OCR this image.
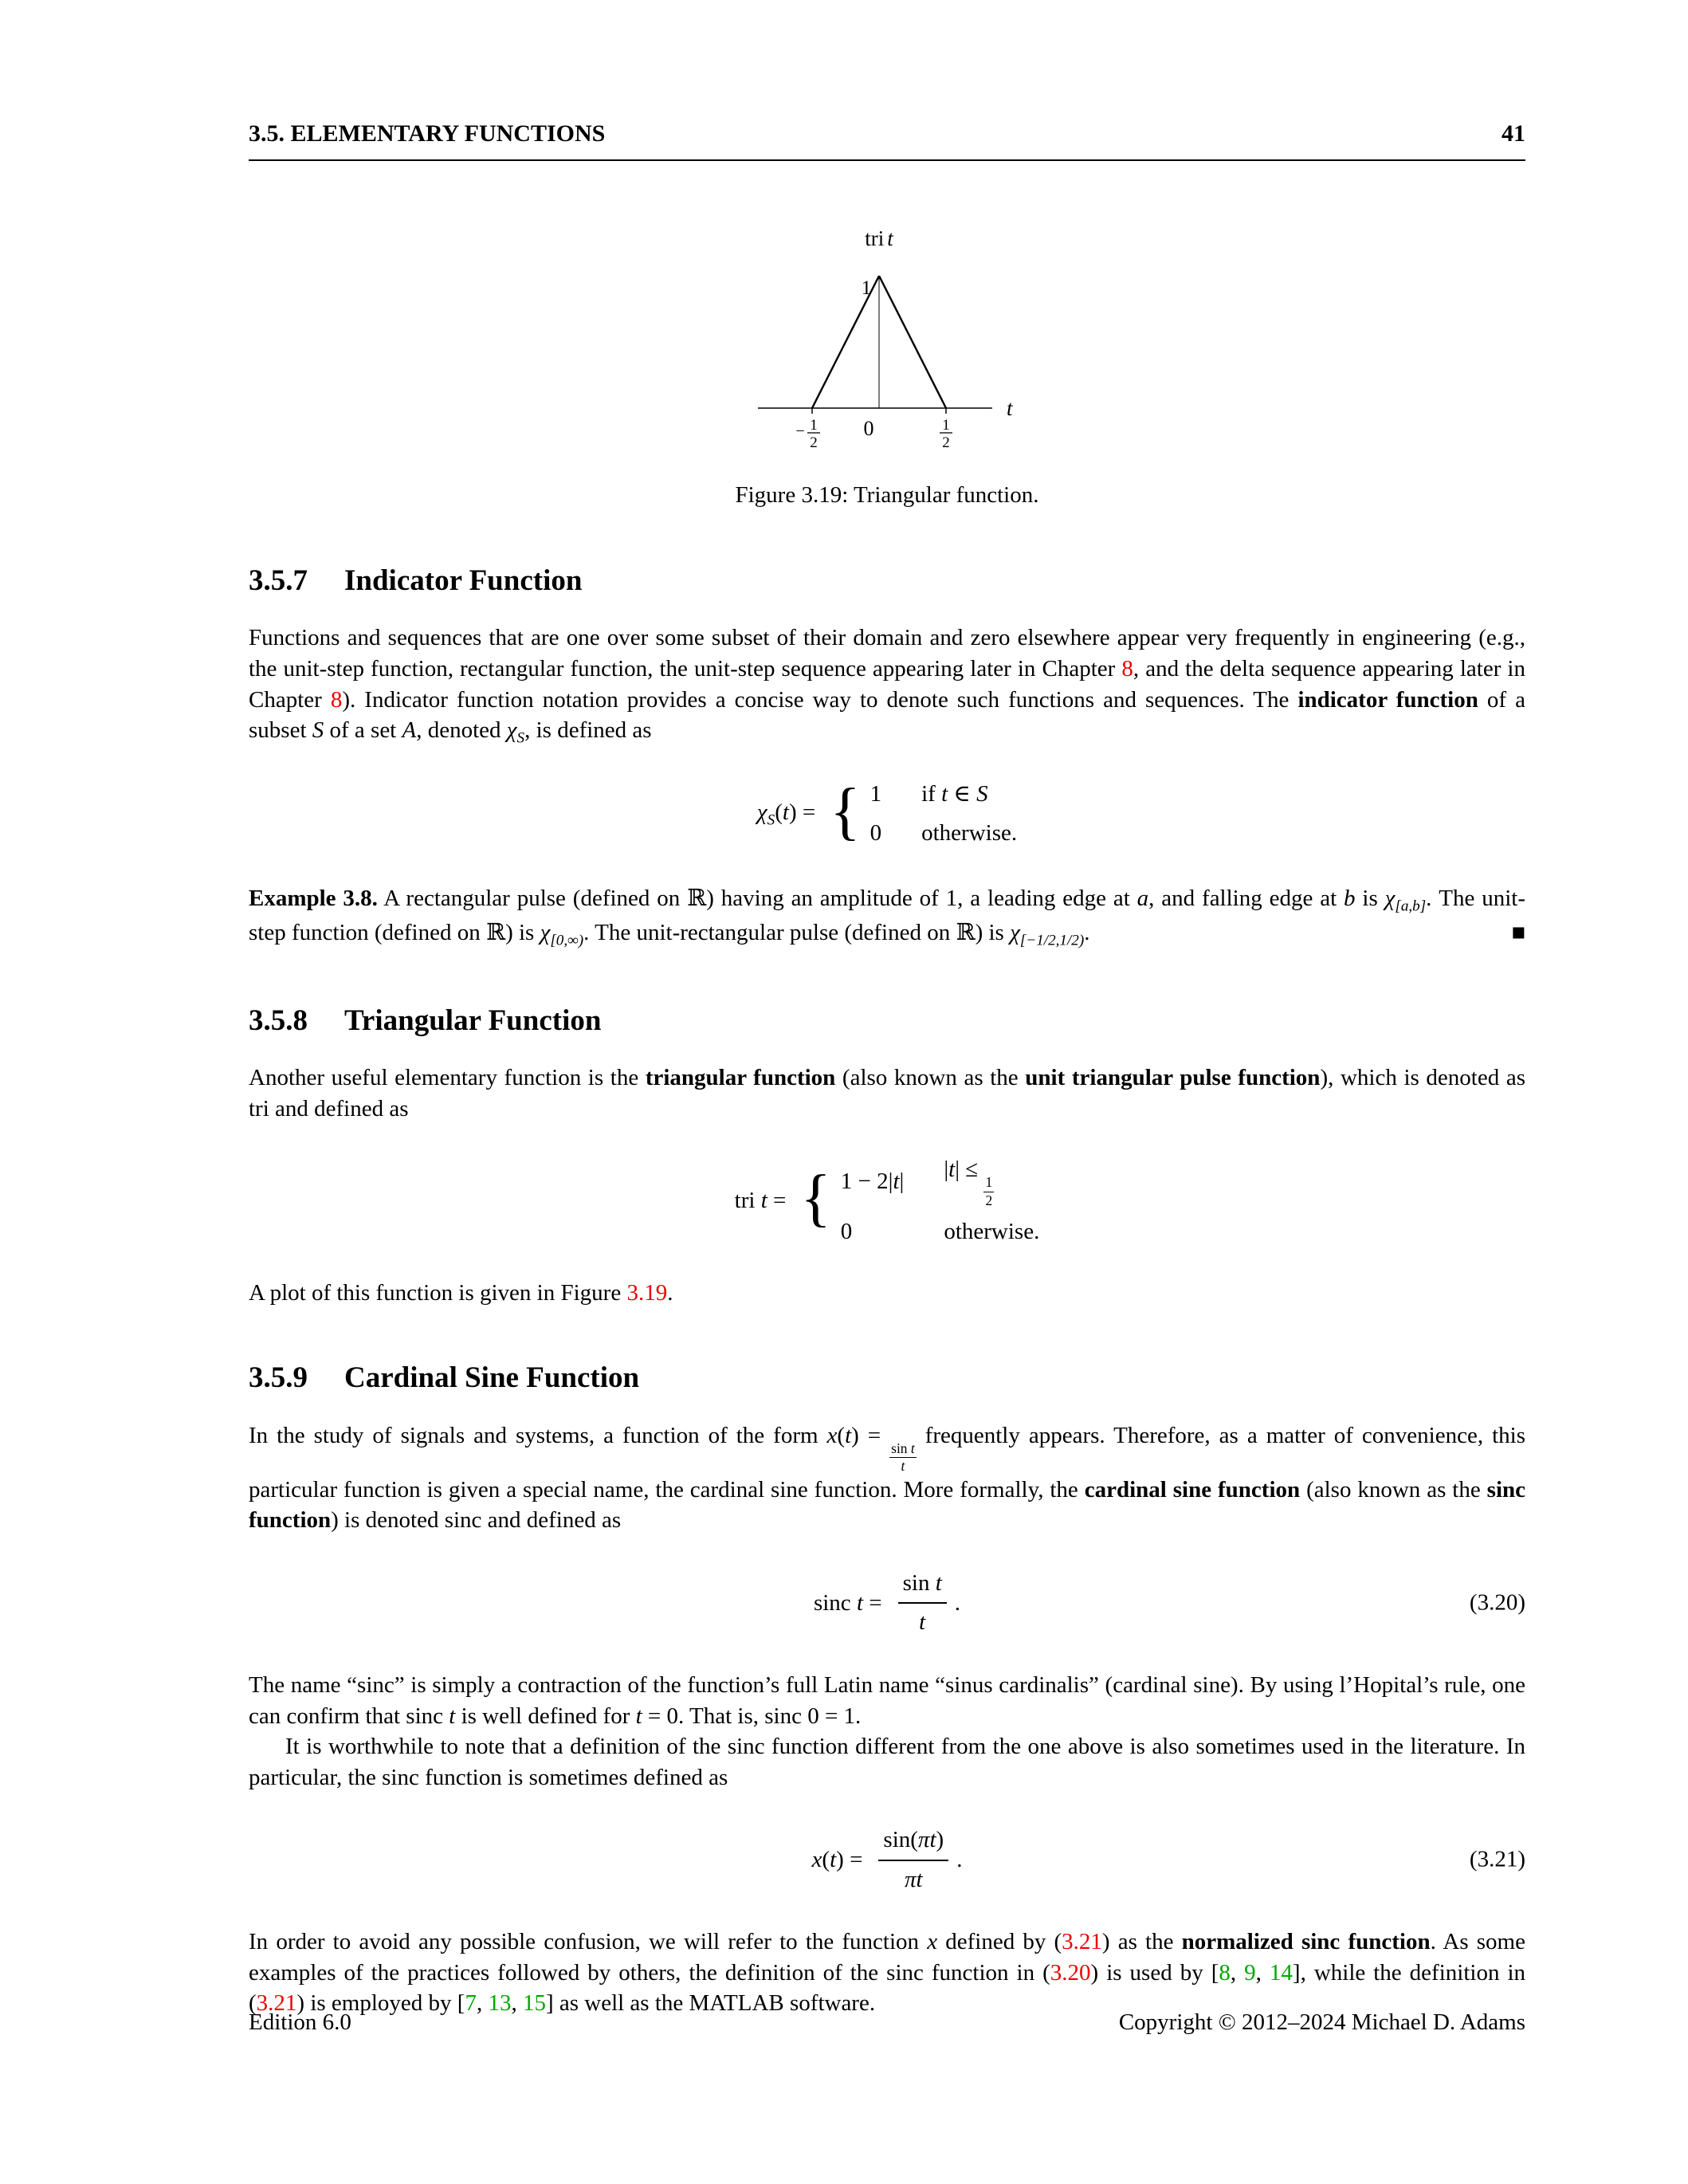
3.5. ELEMENTARY FUNCTIONS	41
tri t
1
t
0
− 1
2
1
2
Figure 3.19: Triangular function.
3.5.7 Indicator Function

Functions and sequences that are one over some subset of their domain and zero elsewhere appear very frequently in engineering (e.g., the unit-step function, rectangular function, the unit-step sequence appearing later in Chapter 8, and the delta sequence appearing later in Chapter 8). Indicator function notation provides a concise way to denote such functions and sequences. The indicator function of a subset S of a set A, denoted $\chi_S$, is defined as

$\chi_S(t)$ = { 1 if t ∈ S
0 otherwise.

Example 3.8. A rectangular pulse (defined on ℝ) having an amplitude of 1, a leading edge at a, and falling edge at b is $\chi_{[a,b]}$. The unit-step function (defined on ℝ) is $\chi_{[0,\infty)}$. The unit-rectangular pulse (defined on ℝ) is $\chi_{[-1/2,1/2)}$.	■

3.5.8 Triangular Function

Another useful elementary function is the triangular function (also known as the unit triangular pulse function), which is denoted as tri and defined as

tri t = { 1 − 2|t| |t| ≤
$\frac{1}{2}$
0	otherwise.

A plot of this function is given in Figure 3.19.

3.5.9 Cardinal Sine Function

In the study of signals and systems, a function of the form x(t) =
$\frac{\text{sin t}}{t}$
frequently appears. Therefore, as a matter of convenience, this particular function is given a special name, the cardinal sine function. More formally, the cardinal sine function (also known as the sinc function) is denoted sinc and defined as

sinc $t = \frac{\text{sin t}}{t}$ .	(3.20)

The name “sinc” is simply a contraction of the function’s full Latin name “sinus cardinalis” (cardinal sine). By using l’Hopital’s rule, one can confirm that sinc t is well defined for t = 0. That is, sinc 0 = 1.

It is worthwhile to note that a definition of the sinc function different from the one above is also sometimes used in the literature. In particular, the sinc function is sometimes defined as

$x(t) = \frac{\sin(\pi t)}{\pi t}$ .	(3.21)

In order to avoid any possible confusion, we will refer to the function x defined by (3.21) as the normalized sinc function. As some examples of the practices followed by others, the definition of the sinc function in (3.20) is used by [8, 9, 14], while the definition in (3.21) is employed by [7, 13, 15] as well as the MATLAB software.

Edition 6.0	Copyright © 2012–2024 Michael D. Adams
